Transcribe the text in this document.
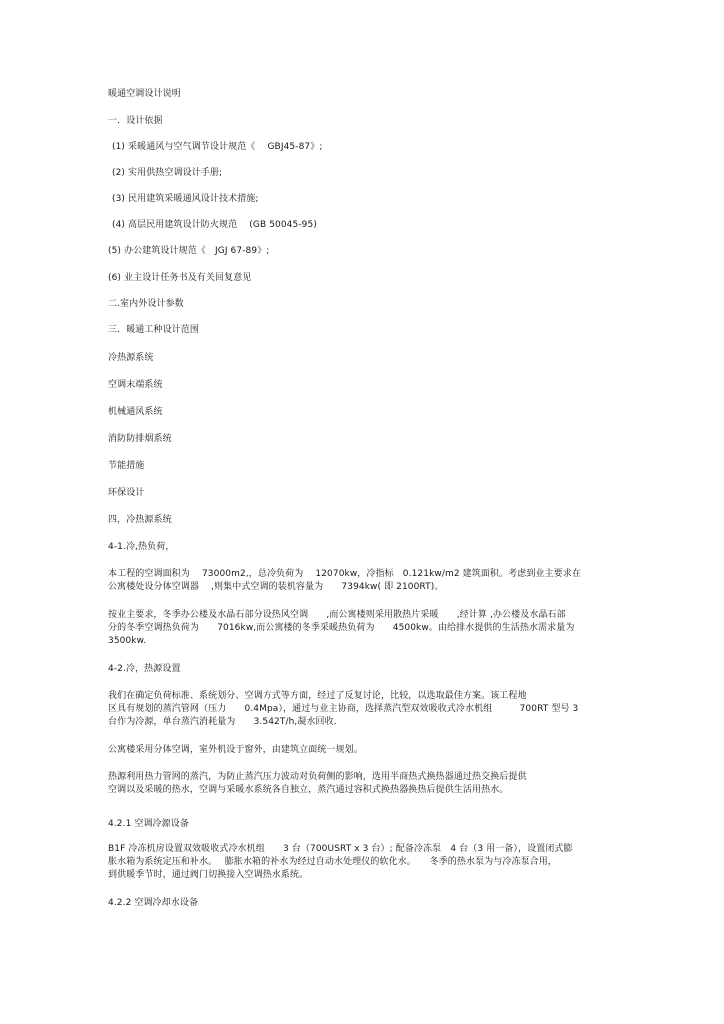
暖通空调设计说明

一．设计依据

(1) 采暖通风与空气调节设计规范《　 GBJ45-87》;

(2) 实用供热空调设计手册;

(3) 民用建筑采暖通风设计技术措施;

(4) 高层民用建筑设计防火规范　 (GB 50045-95)

(5) 办公建筑设计规范《　JGJ 67-89》;

(6) 业主设计任务书及有关回复意见

二.室内外设计参数

三．暖通工种设计范围

冷热源系统

空调末端系统

机械通风系统

消防防排烟系统

节能措施

环保设计

四，冷热源系统

4-1.冷,热负荷，

本工程的空调面积为　 73000m2,，总冷负荷为　 12070kw，冷指标　0.121kw/m2 建筑面积。考虑到业主要求在
公寓楼处设分体空调器　 ,则集中式空调的装机容量为　　7394kw( 即 2100RT)。
按业主要求，冬季办公楼及水晶石部分设热风空调　　,而公寓楼则采用散热片采暖　　,经计算 ,办公楼及水晶石部
分的冬季空调热负荷为　　7016kw,而公寓楼的冬季采暖热负荷为　　4500kw。由给排水提供的生活热水需求量为
3500kw.

4-2.冷，热源设置

我们在确定负荷标准、系统划分、空调方式等方面，经过了反复讨论，比较，以选取最佳方案。该工程地
区具有规划的蒸汽管网（压力　　0.4Mpa），通过与业主协商，选择蒸汽型双效吸收式冷水机组　　　700RT 型号 3
台作为冷源，单台蒸汽消耗量为　　3.542T/h,凝水回收．

公寓楼采用分体空调，室外机设于窗外，由建筑立面统一规划。

热源利用热力管网的蒸汽，为防止蒸汽压力波动对负荷侧的影响，选用半商热式换热器通过热交换后提供
空调以及采暖的热水，空调与采暖水系统各自独立，蒸汽通过容积式换热器换热后提供生活用热水。

4.2.1 空调冷源设备

B1F 冷冻机房设置双效吸收式冷水机组　　3 台（700USRT x 3 台）; 配备冷冻泵　4 台（3 用一备），设置闭式膨
胀水箱为系统定压和补水。　 膨胀水箱的补水为经过自动水处理仪的软化水。　　冬季的热水泵为与冷冻泵合用，
到供暖季节时，通过阀门切换接入空调热水系统。

4.2.2 空调冷却水设备
